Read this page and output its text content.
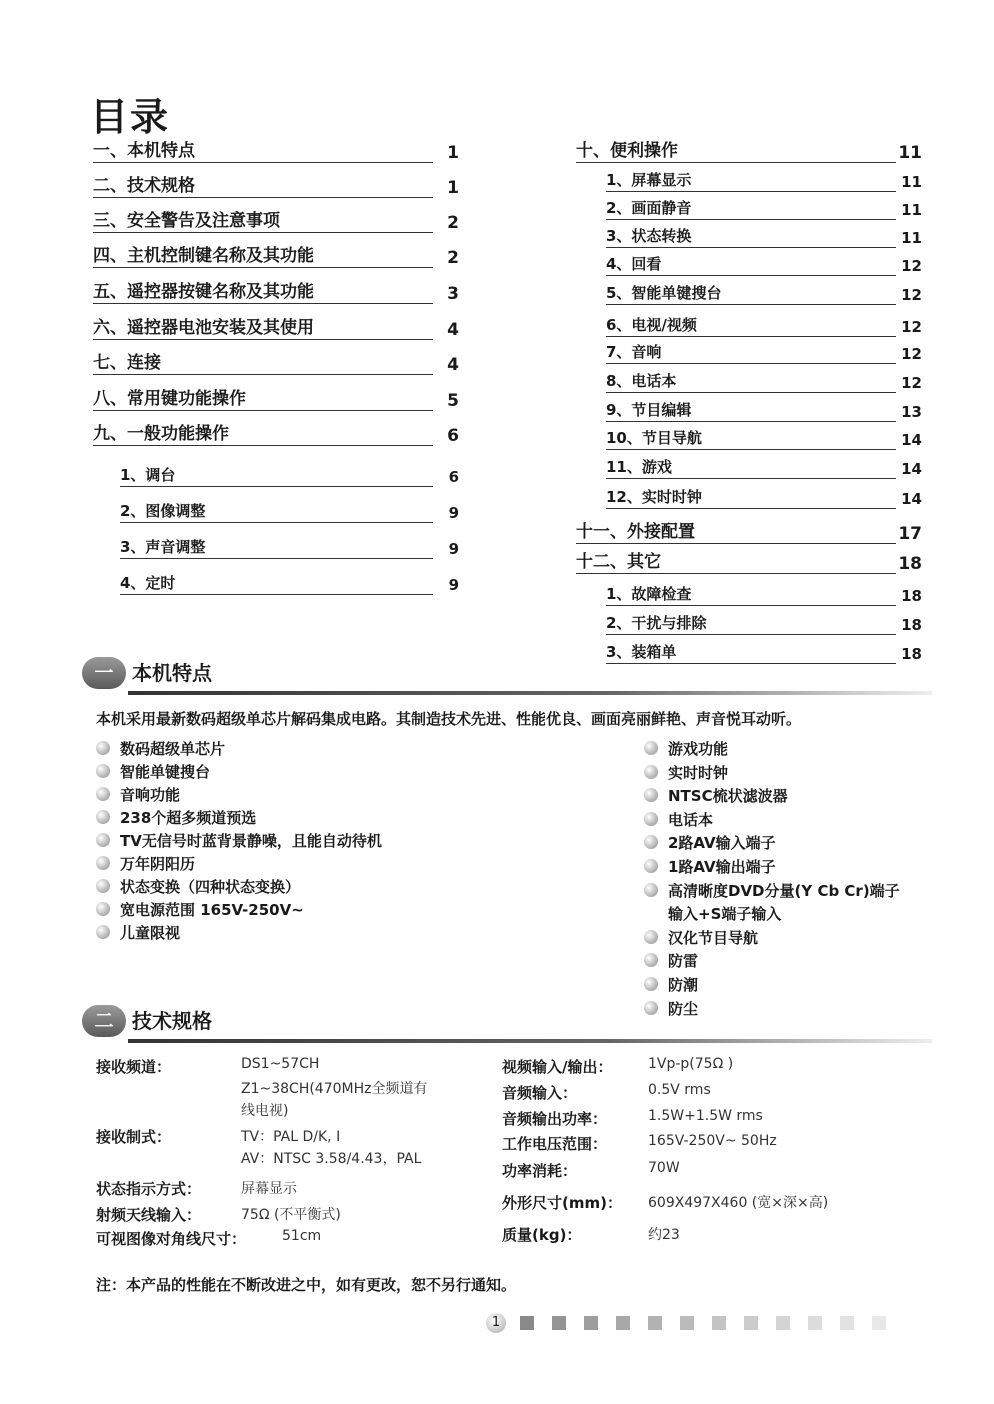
目录
一、本机特点	1
二、技术规格	1
三、安全警告及注意事项	2
四、主机控制键名称及其功能	2
五、遥控器按键名称及其功能	3
六、遥控器电池安装及其使用	4
七、连接	4
八、常用键功能操作	5
九、一般功能操作	6
1、调台	6
2、图像调整	9
3、声音调整	9
4、定时	9
十、便利操作	11
1、屏幕显示	11
2、画面静音	11
3、状态转换	11
4、回看	12
5、智能单键搜台	12
6、电视/视频	12
7、音响	12
8、电话本	12
9、节目编辑	13
10、节目导航	14
11、游戏	14
12、实时时钟	14
十一、外接配置	17
十二、其它	18
1、故障检查	18
2、干扰与排除	18
3、装箱单	18
一 本机特点
本机采用最新数码超级单芯片解码集成电路。其制造技术先进、性能优良、画面亮丽鲜艳、声音悦耳动听。
数码超级单芯片
智能单键搜台
音响功能
238个超多频道预选
TV无信号时蓝背景静噪，且能自动待机
万年阴阳历
状态变换（四种状态变换）
宽电源范围 165V-250V~
儿童限视
游戏功能
实时时钟
NTSC梳状滤波器
电话本
2路AV输入端子
1路AV输出端子
高清晰度DVD分量(Y Cb Cr)端子
输入+S端子输入
汉化节目导航
防雷
防潮
防尘
二 技术规格
接收频道：	DS1~57CH
Z1~38CH(470MHz全频道有
线电视)
接收制式：	TV：PAL D/K, I
AV：NTSC 3.58/4.43，PAL
状态指示方式：	屏幕显示
射频天线输入：	75Ω (不平衡式)
可视图像对角线尺寸：	51cm
视频输入/输出：	1Vp-p(75Ω )
音频输入：	0.5V rms
音频输出功率：	1.5W+1.5W rms
工作电压范围：	165V-250V~ 50Hz
功率消耗：	70W
外形尺寸(mm)： 609X497X460 (宽×深×高)
质量(kg)：	约23
注：本产品的性能在不断改进之中，如有更改，恕不另行通知。
1
